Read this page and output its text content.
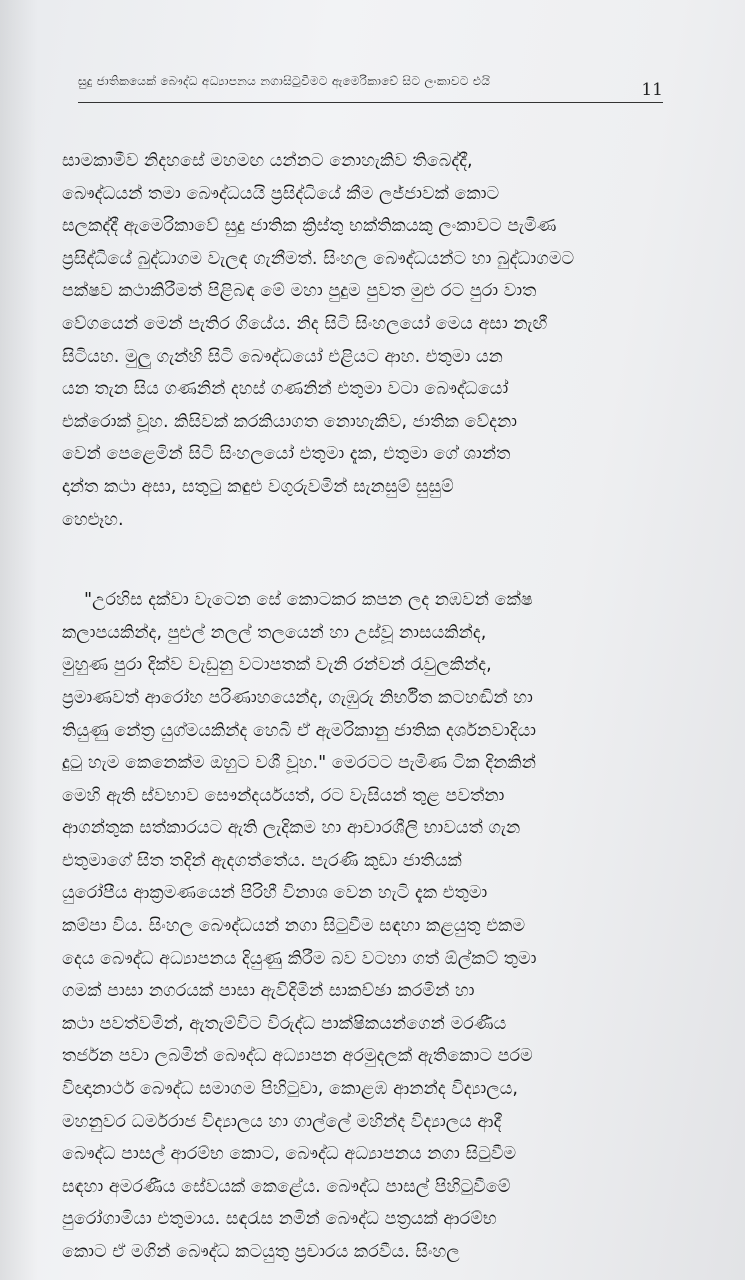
සුදු ජාතිකයෙක් බෞද්ධ අධ්‍යාපනය නගාසිටුවීමට ඇමෙරිකාවේ සිට ලංකාවට එයි	11
සාමකාමීව නිදහසේ මහමඟ යන්නට නොහැකිව තිබෙද්දී,
බෞද්ධයන් තමා බෞද්ධයයි ප්‍රසිද්ධියේ කීම ලජ්ජාවක් කොට
සලකද්දී ඇමෙරිකාවේ සුදු ජාතික ක්‍රිස්තු භක්තිකයකු ලංකාවට පැමිණ
ප්‍රසිද්ධියේ බුද්ධාගම වැලඳ ගැනීමත්. සිංහල බෞද්ධයන්ට හා බුද්ධාගමට
පක්ෂව කථාකිරීමත් පිළිබඳ මේ මහා පුදුම පුවත මුළු රට පුරා වාත
වේගයෙන් මෙන් පැතිර ගියේය. නිද සිටි සිංහලයෝ මෙය අසා නැඟී
සිටියහ. මුලු ගැන්හි සිටි බෞද්ධයෝ එළියට ආහ. එතුමා යන
යන තැන සිය ගණනින් දහස් ගණනින් එතුමා වටා බෞද්ධයෝ
එක්රොක් වූහ. කිසිවක් කරකියාගත නොහැකිව, ජාතික වේදනා
වෙන් පෙළෙමින් සිටි සිංහලයෝ එතුමා දැක, එතුමා ගේ ශාන්ත
දාන්ත කථා අසා, සතුටු කඳුළු වගුරුවමින් සැනසුම් සුසුම්
හෙළූහ.
"උරහිස දක්වා වැටෙන සේ කොටකර කපන ලද නඹවන් කේෂ
කලාපයකින්ද, පුළුල් නලල් තලයෙන් හා උස්වූ නාසයකින්ද,
මුහුණ පුරා දික්ව වැඩුනු වටාපතක් වැනි රන්වන් රැවුලකින්ද,
ප්‍රමාණවත් ආරෝහ පරිණාහයෙන්ද, ගැඹුරු නිර්භීත කටහඬින් හා
තියුණු නේත්‍ර යුග්මයකින්ද හෙබි ඒ ඇමරිකානු ජාතික දර්ශනවාදියා
දුටු හැම කෙනෙක්ම ඔහුට වශී වූහ." මෙරටට පැමිණ ටික දිනකින්
මෙහි ඇති ස්වභාව සෞන්දර්යයත්, රට වැසියන් තුළ පවත්නා
ආගන්තුක සත්කාරයට ඇති ලැදිකම හා ආචාරශීලි භාවයත් ගැන
එතුමාගේ සිත තදින් ඇදගත්තේය. පැරණි කුඩා ජාතියක්
යුරෝපීය ආක්‍රමණයෙන් පිරිහී විනාශ වෙන හැටි දැක එතුමා
කම්පා විය. සිංහල බෞද්ධයන් නගා සිටුවීම සඳහා කළයුතු එකම
දෙය බෞද්ධ අධ්‍යාපනය දියුණු කිරීම බව වටහා ගත් ඕල්කට් තුමා
ගමක් පාසා නගරයක් පාසා ඇවිදිමින් සාකච්ඡා කරමින් හා
කථා පවත්වමින්, ඇතැම්විට විරුද්ධ පාක්ෂිකයන්ගෙන් මරණීය
තර්ජන පවා ලබමින් බෞද්ධ අධ්‍යාපන අරමුදලක් ඇතිකොට පරම
විඥානාර්ථ බෞද්ධ සමාගම පිහිටුවා, කොළඹ ආනන්ද විද්‍යාලය,
මහනුවර ධර්මරාජ විද්‍යාලය හා ගාල්ලේ මහින්ද විද්‍යාලය ආදී
බෞද්ධ පාසල් ආරම්භ කොට, බෞද්ධ අධ්‍යාපනය නගා සිටුවීම
සඳහා අමරණීය සේවයක් කෙළේය. බෞද්ධ පාසල් පිහිටුවීමේ
පුරෝගාමියා එතුමාය. සඳරැස නමින් බෞද්ධ පත්‍රයක් ආරම්භ
කොට ඒ මගින් බෞද්ධ කටයුතු ප්‍රචාරය කරවීය. සිංහල
